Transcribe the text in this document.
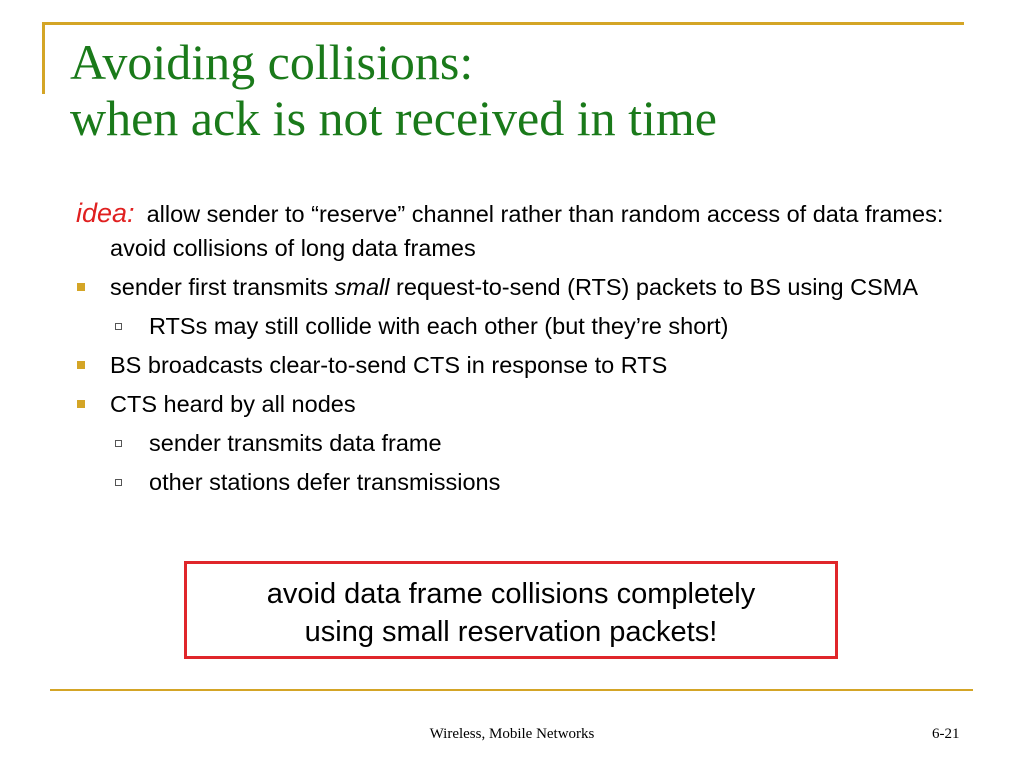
Avoiding collisions:
when ack is not received in time

idea: allow sender to “reserve” channel rather than random access of data frames: avoid collisions of long data frames

sender first transmits small request-to-send (RTS) packets to BS using CSMA
RTSs may still collide with each other (but they’re short)
BS broadcasts clear-to-send CTS in response to RTS
CTS heard by all nodes
sender transmits data frame
other stations defer transmissions
avoid data frame collisions completely
using small reservation packets!
Wireless, Mobile Networks	6-21
